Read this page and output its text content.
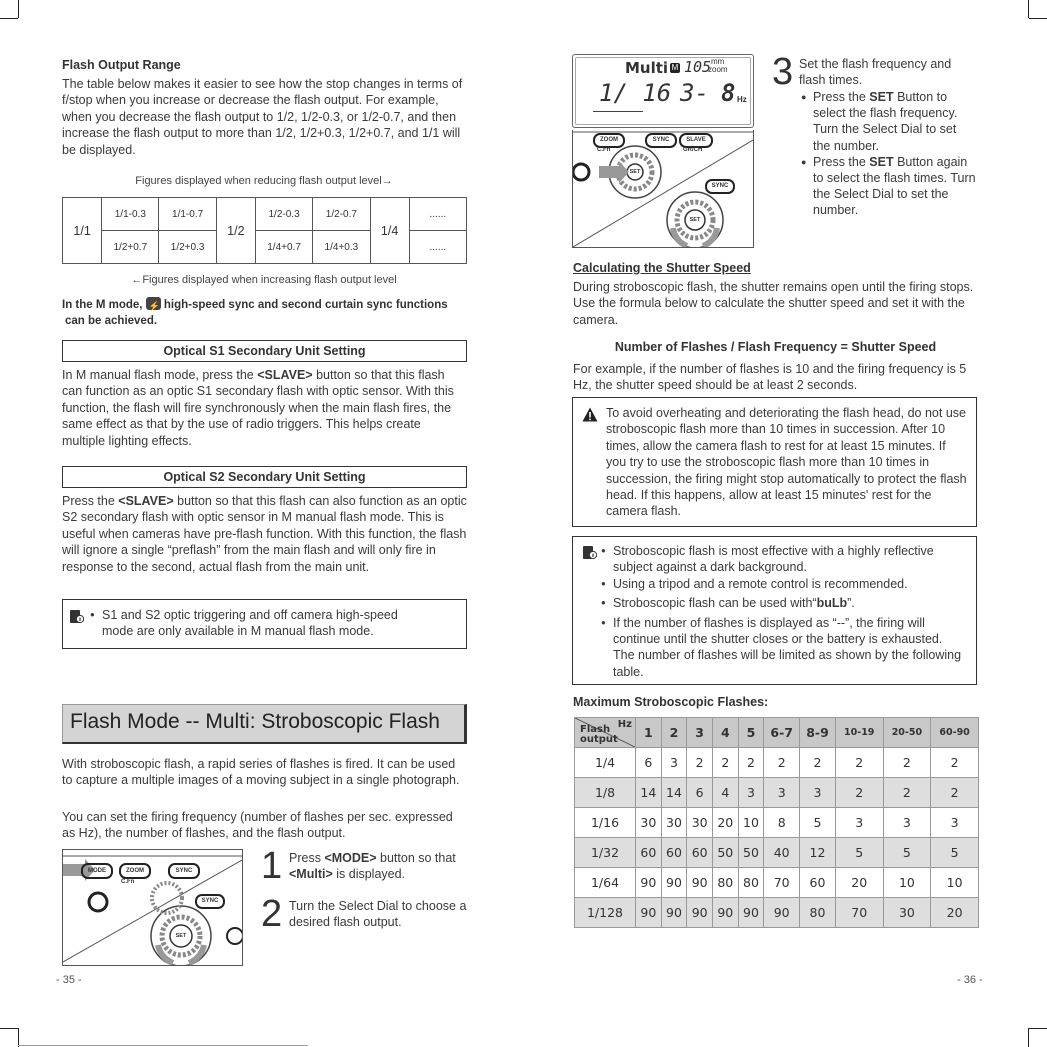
Flash Output Range

The table below makes it easier to see how the stop changes in terms of f/stop when you increase or decrease the flash output. For example, when you decrease the flash output to 1/2, 1/2-0.3, or 1/2-0.7, and then increase the flash output to more than 1/2, 1/2+0.3, 1/2+0.7, and 1/1 will be displayed.

Figures displayed when reducing flash output level→
1/1	1/1-0.3	1/1-0.7	1/2	1/2-0.3	1/2-0.7	1/4	......
	1/2+0.7	1/2+0.3		1/4+0.7	1/4+0.3		......
←Figures displayed when increasing flash output level
In the M mode, ⚡ high-speed sync and second curtain sync functions
can be achieved.
Optical S1 Secondary Unit Setting

In M manual flash mode, press the <SLAVE> button so that this flash can function as an optic S1 secondary flash with optic sensor. With this function, the flash will fire synchronously when the main flash fires, the same effect as that by the use of radio triggers. This helps create multiple lighting effects.

Optical S2 Secondary Unit Setting

Press the <SLAVE> button so that this flash can also function as an optic S2 secondary flash with optic sensor in M manual flash mode. This is useful when cameras have pre-flash function. With this function, the flash will ignore a single “preflash” from the main flash and will only fire in response to the second, actual flash from the main unit.

● S1 and S2 optic triggering and off camera high-speed mode are only available in M manual flash mode.
Flash Mode -- Multi: Stroboscopic Flash

With stroboscopic flash, a rapid series of flashes is fired. It can be used to capture a multiple images of a moving subject in a single photograph.

You can set the firing frequency (number of flashes per sec. expressed as Hz), the number of flashes, and the flash output.

MODE	ZOOM	SYNC
C.Fn
SYNC
SET
1 Press <MODE> button so that <Multi> is displayed.

2 Turn the Select Dial to choose a desired flash output.

- 35 -
Multi M 105 mm
zoom
1/ 16 3- 8 Hz
ZOOM	SYNC	SLAVE
C.Fn	GR/CH
SYNC
SET
SET
3 Set the flash frequency and flash times.

● Press the SET Button to select the flash frequency. Turn the Select Dial to set the number.
● Press the SET Button again to select the flash times. Turn the Select Dial to set the number.
Calculating the Shutter Speed

During stroboscopic flash, the shutter remains open until the firing stops. Use the formula below to calculate the shutter speed and set it with the camera.

Number of Flashes / Flash Frequency = Shutter Speed

For example, if the number of flashes is 10 and the firing frequency is 5 Hz, the shutter speed should be at least 2 seconds.

To avoid overheating and deteriorating the flash head, do not use stroboscopic flash more than 10 times in succession. After 10 times, allow the camera flash to rest for at least 15 minutes. If you try to use the stroboscopic flash more than 10 times in succession, the firing might stop automatically to protect the flash head. If this happens, allow at least 15 minutes' rest for the camera flash.

● Stroboscopic flash is most effective with a highly reflective subject against a dark background.
● Using a tripod and a remote control is recommended.
● Stroboscopic flash can be used with“buLb”.
● If the number of flashes is displayed as “--”, the firing will continue until the shutter closes or the battery is exhausted. The number of flashes will be limited as shown by the following table.
Maximum Stroboscopic Flashes:
Hz
Flash
output	1	2	3	4	5	6-7	8-9	10-19	20-50	60-90
1/4	6	3	2	2	2	2	2	2	2	2
1/8	14	14	6	4	3	3	3	2	2	2
1/16	30	30	30	20	10	8	5	3	3	3
1/32	60	60	60	50	50	40	12	5	5	5
1/64	90	90	90	80	80	70	60	20	10	10
1/128	90	90	90	90	90	90	80	70	30	20
- 36 -
